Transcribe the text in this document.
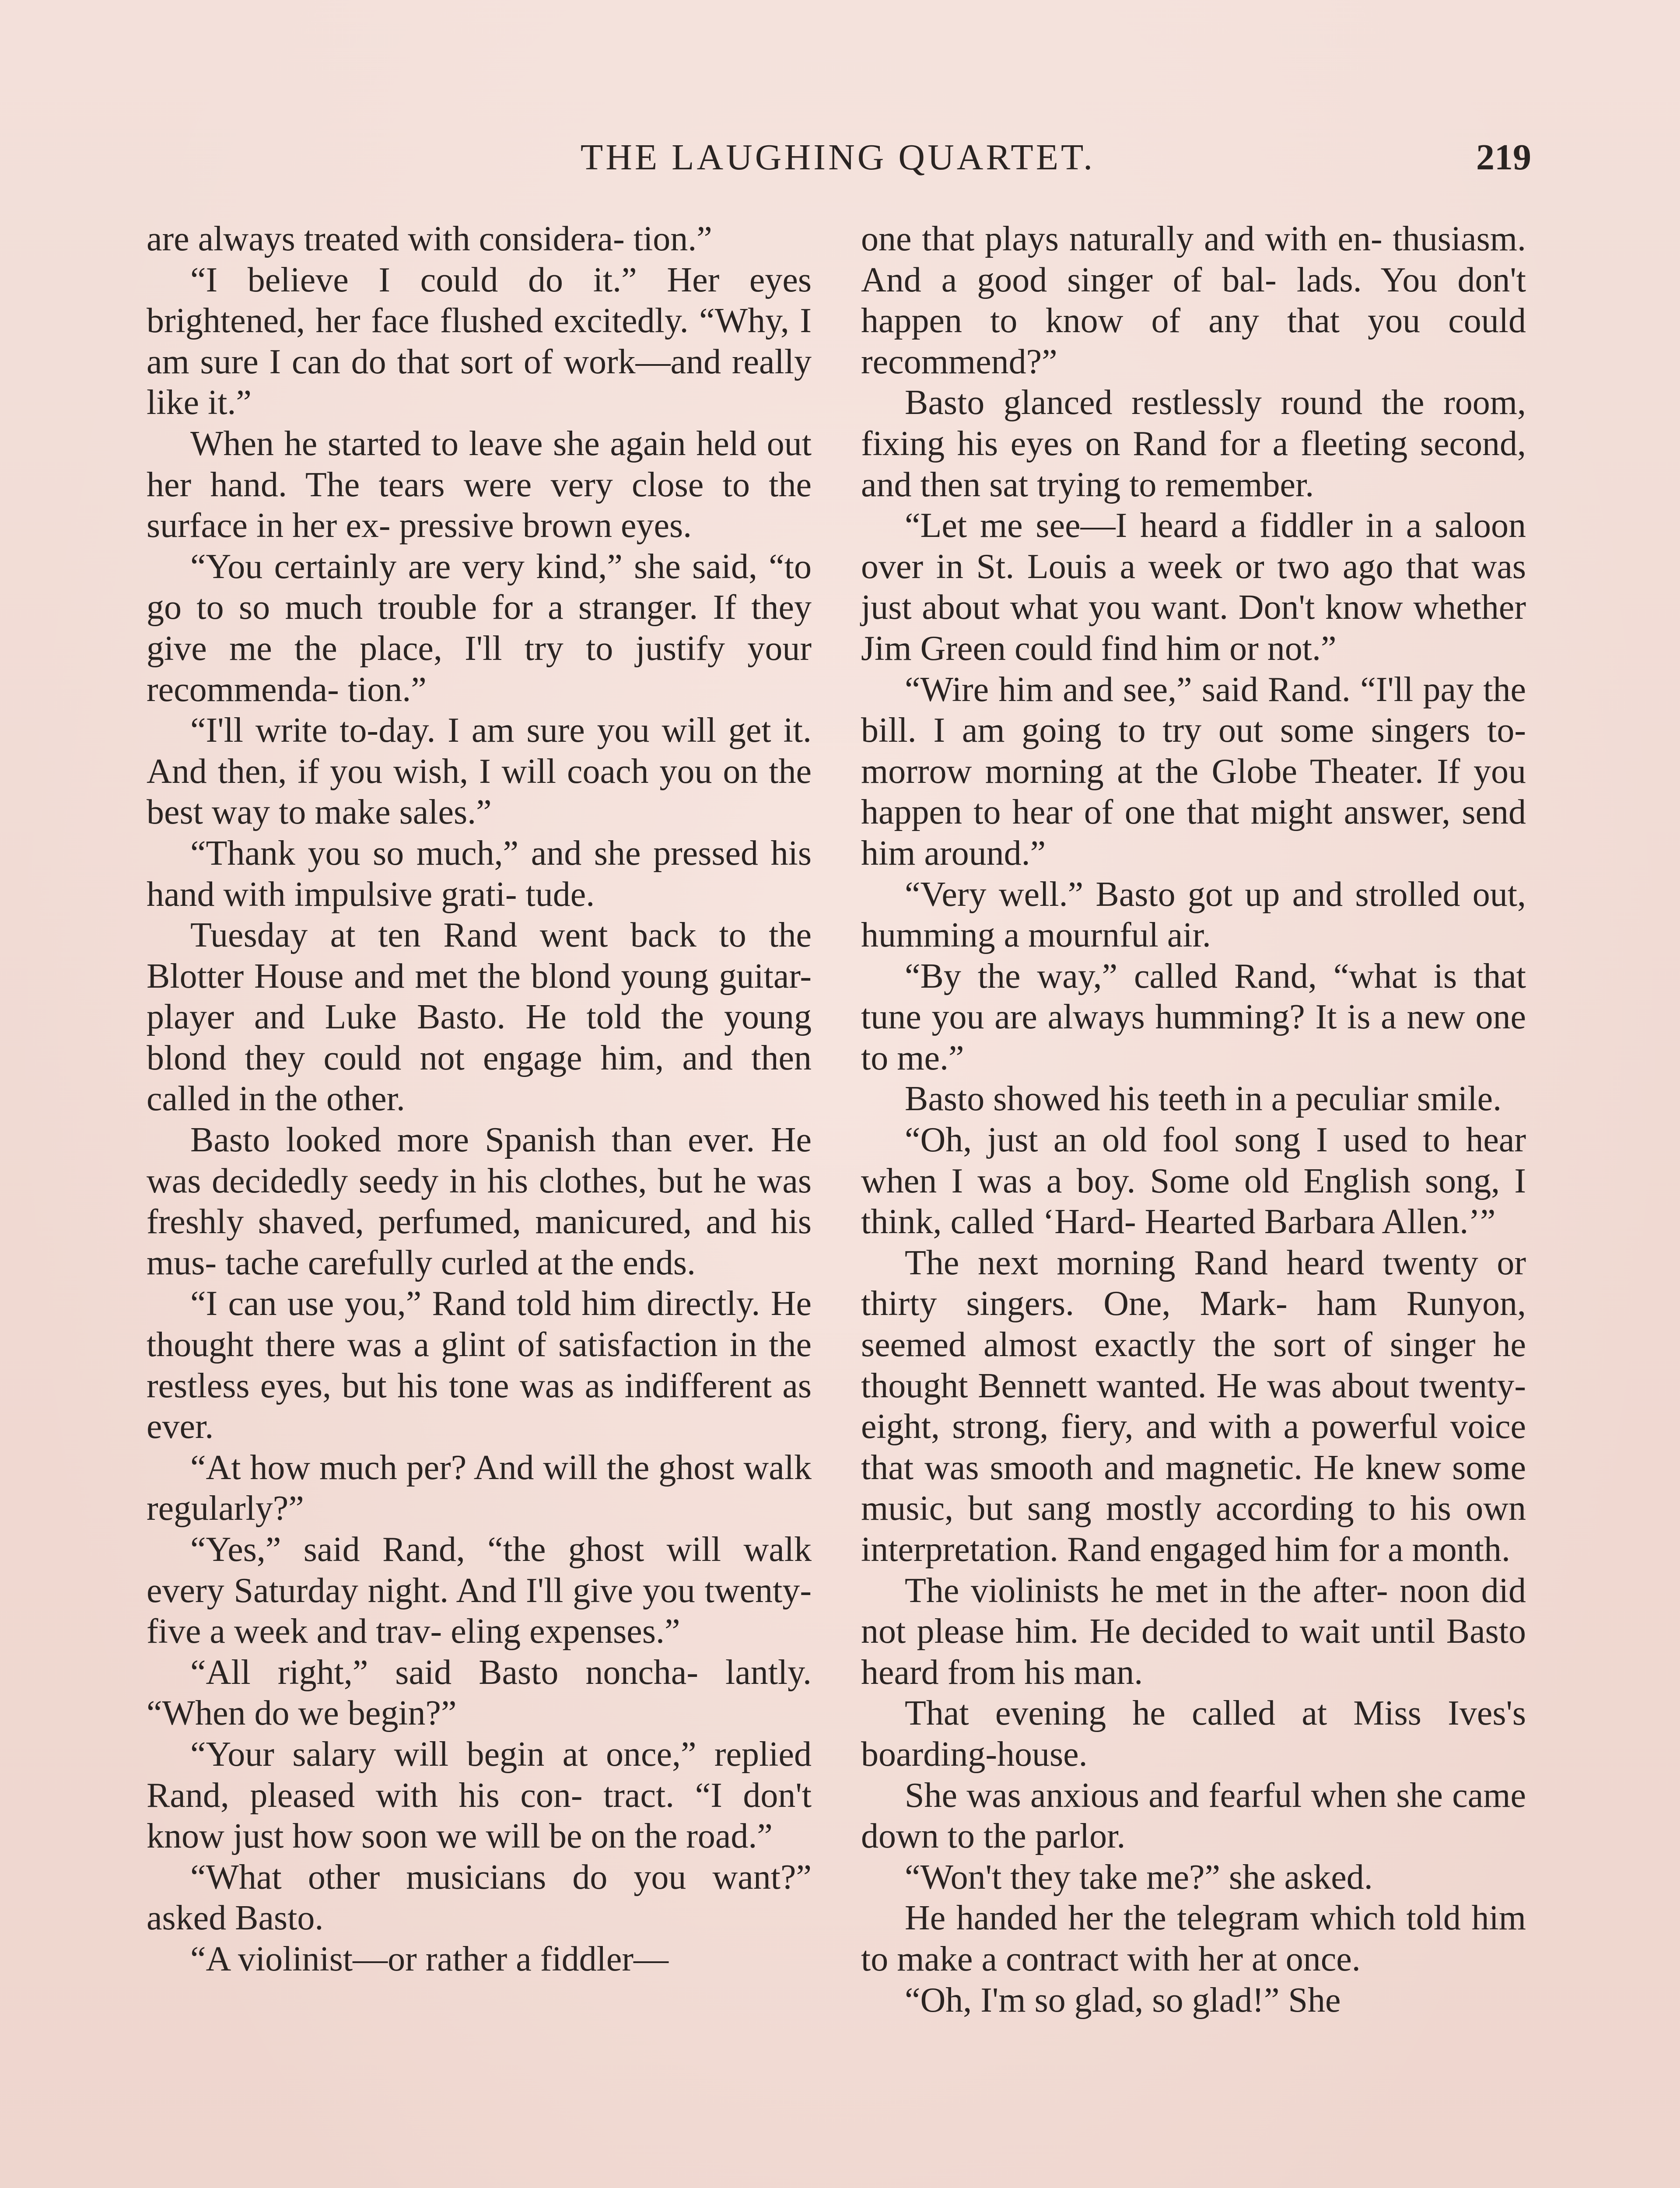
THE LAUGHING QUARTET.	219

are always treated with considera- tion.”

“I believe I could do it.” Her eyes brightened, her face flushed excitedly. “Why, I am sure I can do that sort of work—and really like it.”

When he started to leave she again held out her hand. The tears were very close to the surface in her ex- pressive brown eyes.

“You certainly are very kind,” she said, “to go to so much trouble for a stranger. If they give me the place, I'll try to justify your recommenda- tion.”

“I'll write to-day. I am sure you will get it. And then, if you wish, I will coach you on the best way to make sales.”

“Thank you so much,” and she pressed his hand with impulsive grati- tude.

Tuesday at ten Rand went back to the Blotter House and met the blond young guitar-player and Luke Basto. He told the young blond they could not engage him, and then called in the other.

Basto looked more Spanish than ever. He was decidedly seedy in his clothes, but he was freshly shaved, perfumed, manicured, and his mus- tache carefully curled at the ends.

“I can use you,” Rand told him directly. He thought there was a glint of satisfaction in the restless eyes, but his tone was as indifferent as ever.

“At how much per? And will the ghost walk regularly?”

“Yes,” said Rand, “the ghost will walk every Saturday night. And I'll give you twenty-five a week and trav- eling expenses.”

“All right,” said Basto noncha- lantly. “When do we begin?”

“Your salary will begin at once,” replied Rand, pleased with his con- tract. “I don't know just how soon we will be on the road.”

“What other musicians do you want?” asked Basto.

“A violinist—or rather a fiddler—

one that plays naturally and with en- thusiasm. And a good singer of bal- lads. You don't happen to know of any that you could recommend?”

Basto glanced restlessly round the room, fixing his eyes on Rand for a fleeting second, and then sat trying to remember.

“Let me see—I heard a fiddler in a saloon over in St. Louis a week or two ago that was just about what you want. Don't know whether Jim Green could find him or not.”

“Wire him and see,” said Rand. “I'll pay the bill. I am going to try out some singers to-morrow morning at the Globe Theater. If you happen to hear of one that might answer, send him around.”

“Very well.” Basto got up and strolled out, humming a mournful air.

“By the way,” called Rand, “what is that tune you are always humming? It is a new one to me.”

Basto showed his teeth in a peculiar smile.

“Oh, just an old fool song I used to hear when I was a boy. Some old English song, I think, called ‘Hard- Hearted Barbara Allen.’”

The next morning Rand heard twenty or thirty singers. One, Mark- ham Runyon, seemed almost exactly the sort of singer he thought Bennett wanted. He was about twenty-eight, strong, fiery, and with a powerful voice that was smooth and magnetic. He knew some music, but sang mostly according to his own interpretation. Rand engaged him for a month.

The violinists he met in the after- noon did not please him. He decided to wait until Basto heard from his man.

That evening he called at Miss Ives's boarding-house.

She was anxious and fearful when she came down to the parlor.

“Won't they take me?” she asked.

He handed her the telegram which told him to make a contract with her at once.

“Oh, I'm so glad, so glad!” She
